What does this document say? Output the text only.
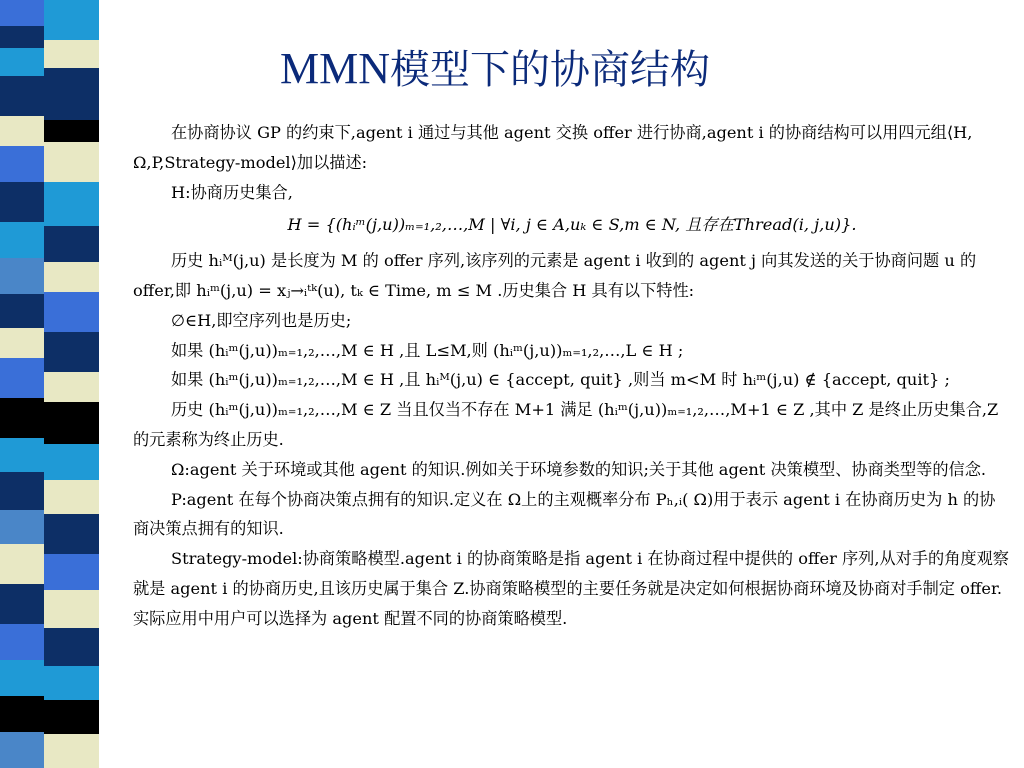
MMN模型下的协商结构

在协商协议 GP 的约束下,agent i 通过与其他 agent 交换 offer 进行协商,agent i 的协商结构可以用四元组⟨H, Ω,P,Strategy-model⟩加以描述:

H:协商历史集合,

H = {(hᵢᵐ(j,u))ₘ₌₁,₂,…,M | ∀i, j ∈ A,uₖ ∈ S,m ∈ N, 且存在Thread(i, j,u)}.

历史 hᵢᴹ(j,u) 是长度为 M 的 offer 序列,该序列的元素是 agent i 收到的 agent j 向其发送的关于协商问题 u 的 offer,即 hᵢᵐ(j,u) = xⱼ→ᵢᵗᵏ(u), tₖ ∈ Time, m ≤ M .历史集合 H 具有以下特性:

∅∈H,即空序列也是历史;

如果 (hᵢᵐ(j,u))ₘ₌₁,₂,…,M ∈ H ,且 L≤M,则 (hᵢᵐ(j,u))ₘ₌₁,₂,…,L ∈ H ;

如果 (hᵢᵐ(j,u))ₘ₌₁,₂,…,M ∈ H ,且 hᵢᴹ(j,u) ∈ {accept, quit} ,则当 m<M 时 hᵢᵐ(j,u) ∉ {accept, quit} ;

历史 (hᵢᵐ(j,u))ₘ₌₁,₂,…,M ∈ Z 当且仅当不存在 M+1 满足 (hᵢᵐ(j,u))ₘ₌₁,₂,…,M+1 ∈ Z ,其中 Z 是终止历史集合,Z 的元素称为终止历史.

Ω:agent 关于环境或其他 agent 的知识.例如关于环境参数的知识;关于其他 agent 决策模型、协商类型等的信念.

P:agent 在每个协商决策点拥有的知识.定义在 Ω上的主观概率分布 Pₕ,ᵢ( Ω)用于表示 agent i 在协商历史为 h 的协商决策点拥有的知识.

Strategy-model:协商策略模型.agent i 的协商策略是指 agent i 在协商过程中提供的 offer 序列,从对手的角度观察就是 agent i 的协商历史,且该历史属于集合 Z.协商策略模型的主要任务就是决定如何根据协商环境及协商对手制定 offer.实际应用中用户可以选择为 agent 配置不同的协商策略模型.
